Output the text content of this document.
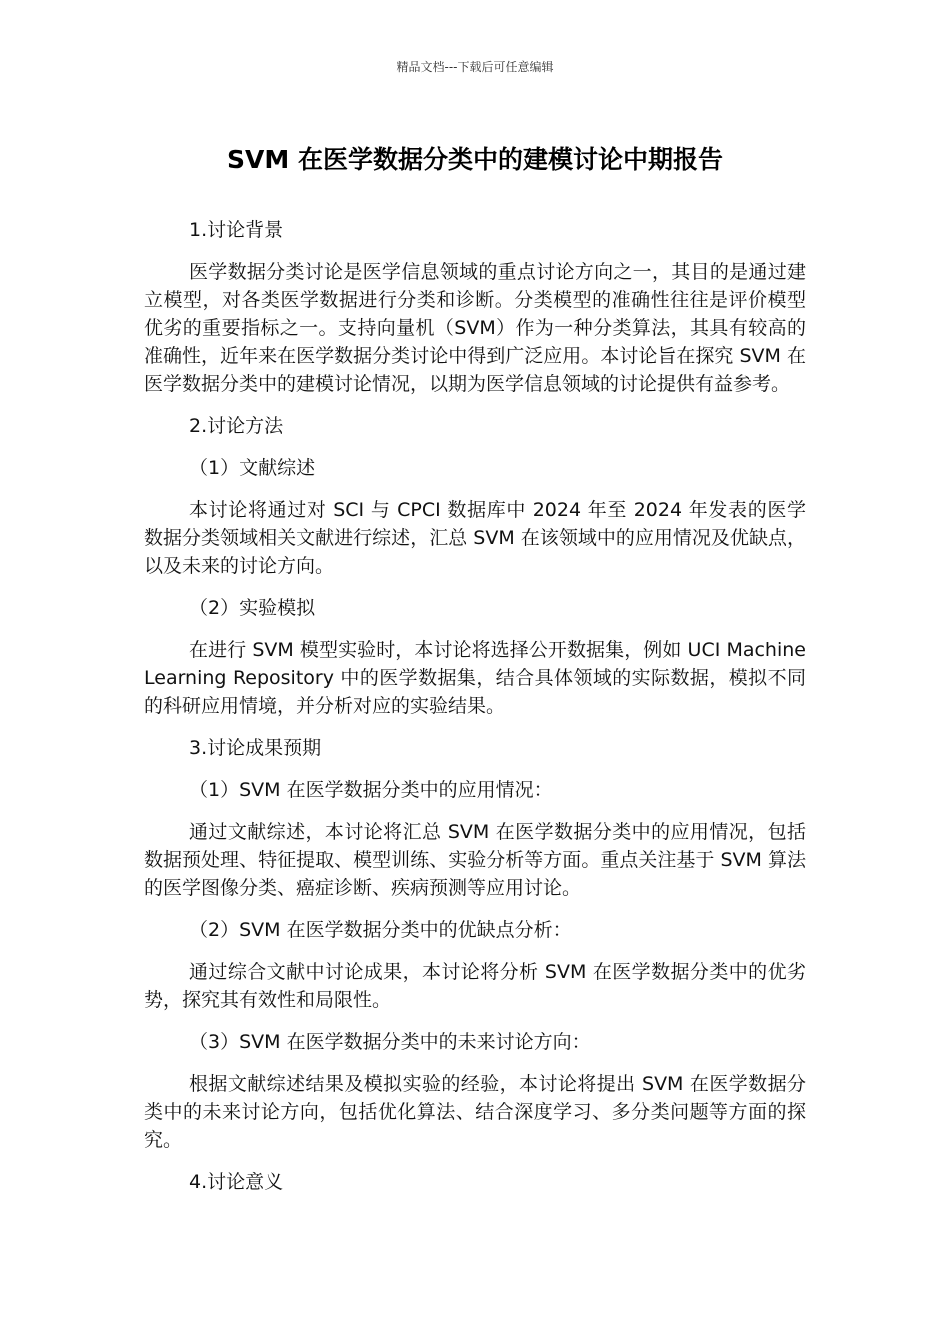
精品文档---下载后可任意编辑
SVM 在医学数据分类中的建模讨论中期报告
1.讨论背景
医学数据分类讨论是医学信息领域的重点讨论方向之一，其目的是通过建立模型，对各类医学数据进行分类和诊断。分类模型的准确性往往是评价模型优劣的重要指标之一。支持向量机（SVM）作为一种分类算法，其具有较高的准确性，近年来在医学数据分类讨论中得到广泛应用。本讨论旨在探究 SVM 在医学数据分类中的建模讨论情况，以期为医学信息领域的讨论提供有益参考。
2.讨论方法
（1）文献综述
本讨论将通过对 SCI 与 CPCI 数据库中 2024 年至 2024 年发表的医学数据分类领域相关文献进行综述，汇总 SVM 在该领域中的应用情况及优缺点，以及未来的讨论方向。
（2）实验模拟
在进行 SVM 模型实验时，本讨论将选择公开数据集，例如 UCI Machine Learning Repository 中的医学数据集，结合具体领域的实际数据，模拟不同的科研应用情境，并分析对应的实验结果。
3.讨论成果预期
（1）SVM 在医学数据分类中的应用情况：
通过文献综述，本讨论将汇总 SVM 在医学数据分类中的应用情况，包括数据预处理、特征提取、模型训练、实验分析等方面。重点关注基于 SVM 算法的医学图像分类、癌症诊断、疾病预测等应用讨论。
（2）SVM 在医学数据分类中的优缺点分析：
通过综合文献中讨论成果，本讨论将分析 SVM 在医学数据分类中的优劣势，探究其有效性和局限性。
（3）SVM 在医学数据分类中的未来讨论方向：
根据文献综述结果及模拟实验的经验，本讨论将提出 SVM 在医学数据分类中的未来讨论方向，包括优化算法、结合深度学习、多分类问题等方面的探究。
4.讨论意义
